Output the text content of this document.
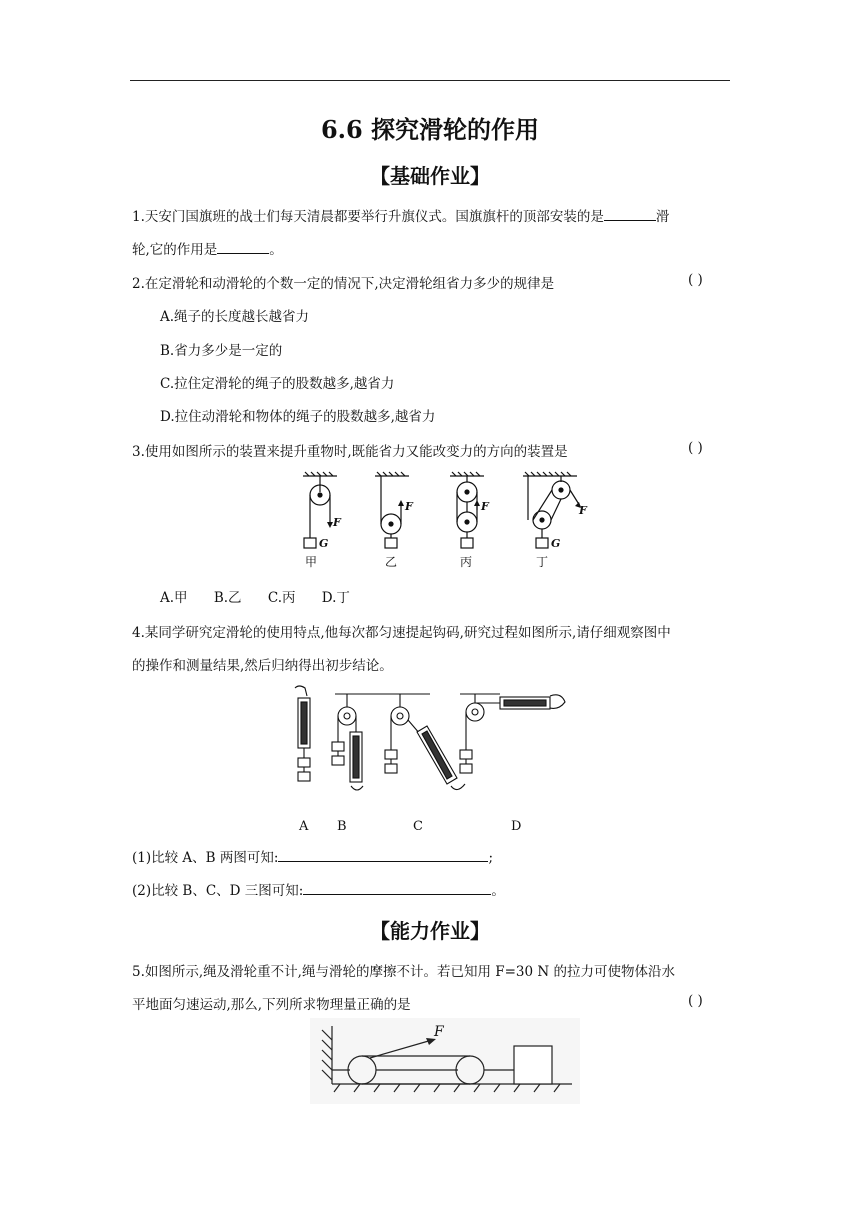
6.6 探究滑轮的作用
【基础作业】
1.天安门国旗班的战士们每天清晨都要举行升旗仪式。国旗旗杆的顶部安装的是	滑
轮,它的作用是	。
2.在定滑轮和动滑轮的个数一定的情况下,决定滑轮组省力多少的规律是	( )
A.绳子的长度越长越省力
B.省力多少是一定的
C.拉住定滑轮的绳子的股数越多,越省力
D.拉住动滑轮和物体的绳子的股数越多,越省力
3.使用如图所示的装置来提升重物时,既能省力又能改变力的方向的装置是	( )
F
G
F	F	F
G
甲	乙	丙	丁
A.甲 B.乙 C.丙 D.丁
4.某同学研究定滑轮的使用特点,他每次都匀速提起钩码,研究过程如图所示,请仔细观察图中
的操作和测量结果,然后归纳得出初步结论。
A B	C	D
(1)比较 A、B 两图可知:	;
(2)比较 B、C、D 三图可知:	。
【能力作业】
5.如图所示,绳及滑轮重不计,绳与滑轮的摩擦不计。若已知用 F=30 N 的拉力可使物体沿水
平地面匀速运动,那么,下列所求物理量正确的是	( )
F
